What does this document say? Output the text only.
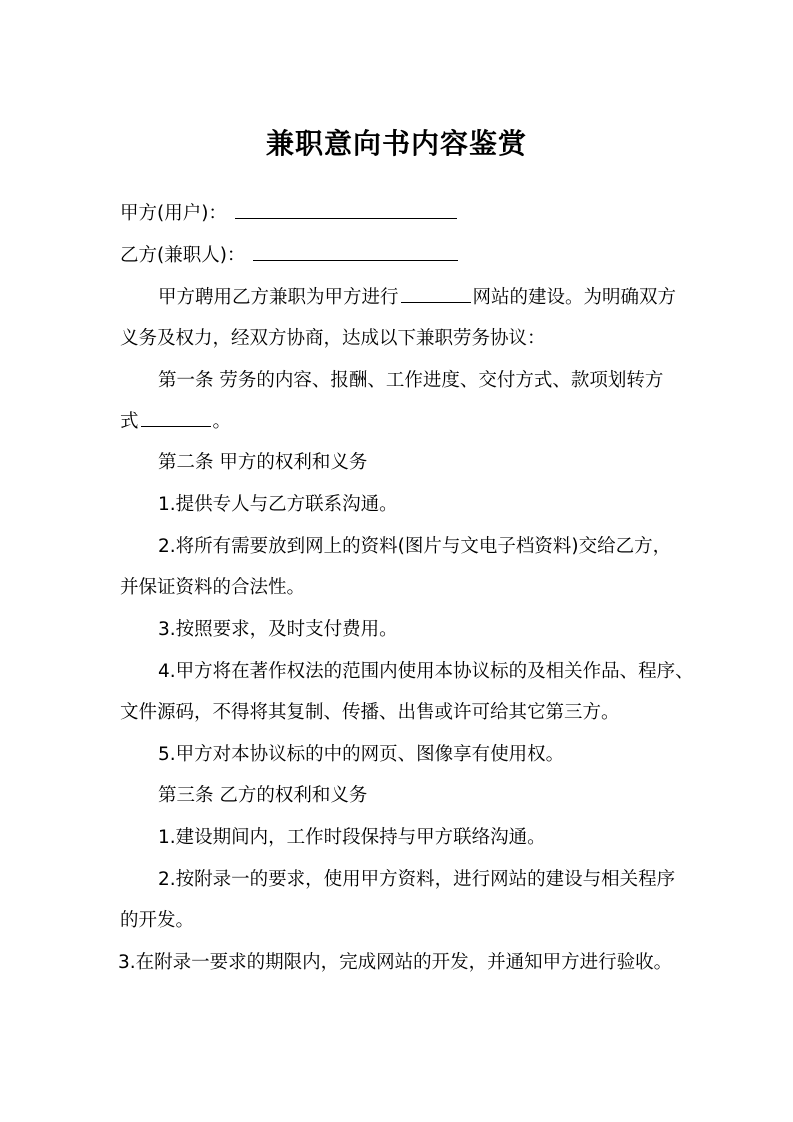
兼职意向书内容鉴赏
甲方(用户)：
乙方(兼职人)：
甲方聘用乙方兼职为甲方进行	网站的建设。为明确双方
义务及权力，经双方协商，达成以下兼职劳务协议：
第一条 劳务的内容、报酬、工作进度、交付方式、款项划转方
式	。
第二条 甲方的权利和义务
1.提供专人与乙方联系沟通。
2.将所有需要放到网上的资料(图片与文电子档资料)交给乙方，
并保证资料的合法性。
3.按照要求，及时支付费用。
4.甲方将在著作权法的范围内使用本协议标的及相关作品、程序、
文件源码，不得将其复制、传播、出售或许可给其它第三方。
5.甲方对本协议标的中的网页、图像享有使用权。
第三条 乙方的权利和义务
1.建设期间内，工作时段保持与甲方联络沟通。
2.按附录一的要求，使用甲方资料，进行网站的建设与相关程序
的开发。
3.在附录一要求的期限内，完成网站的开发，并通知甲方进行验收。
